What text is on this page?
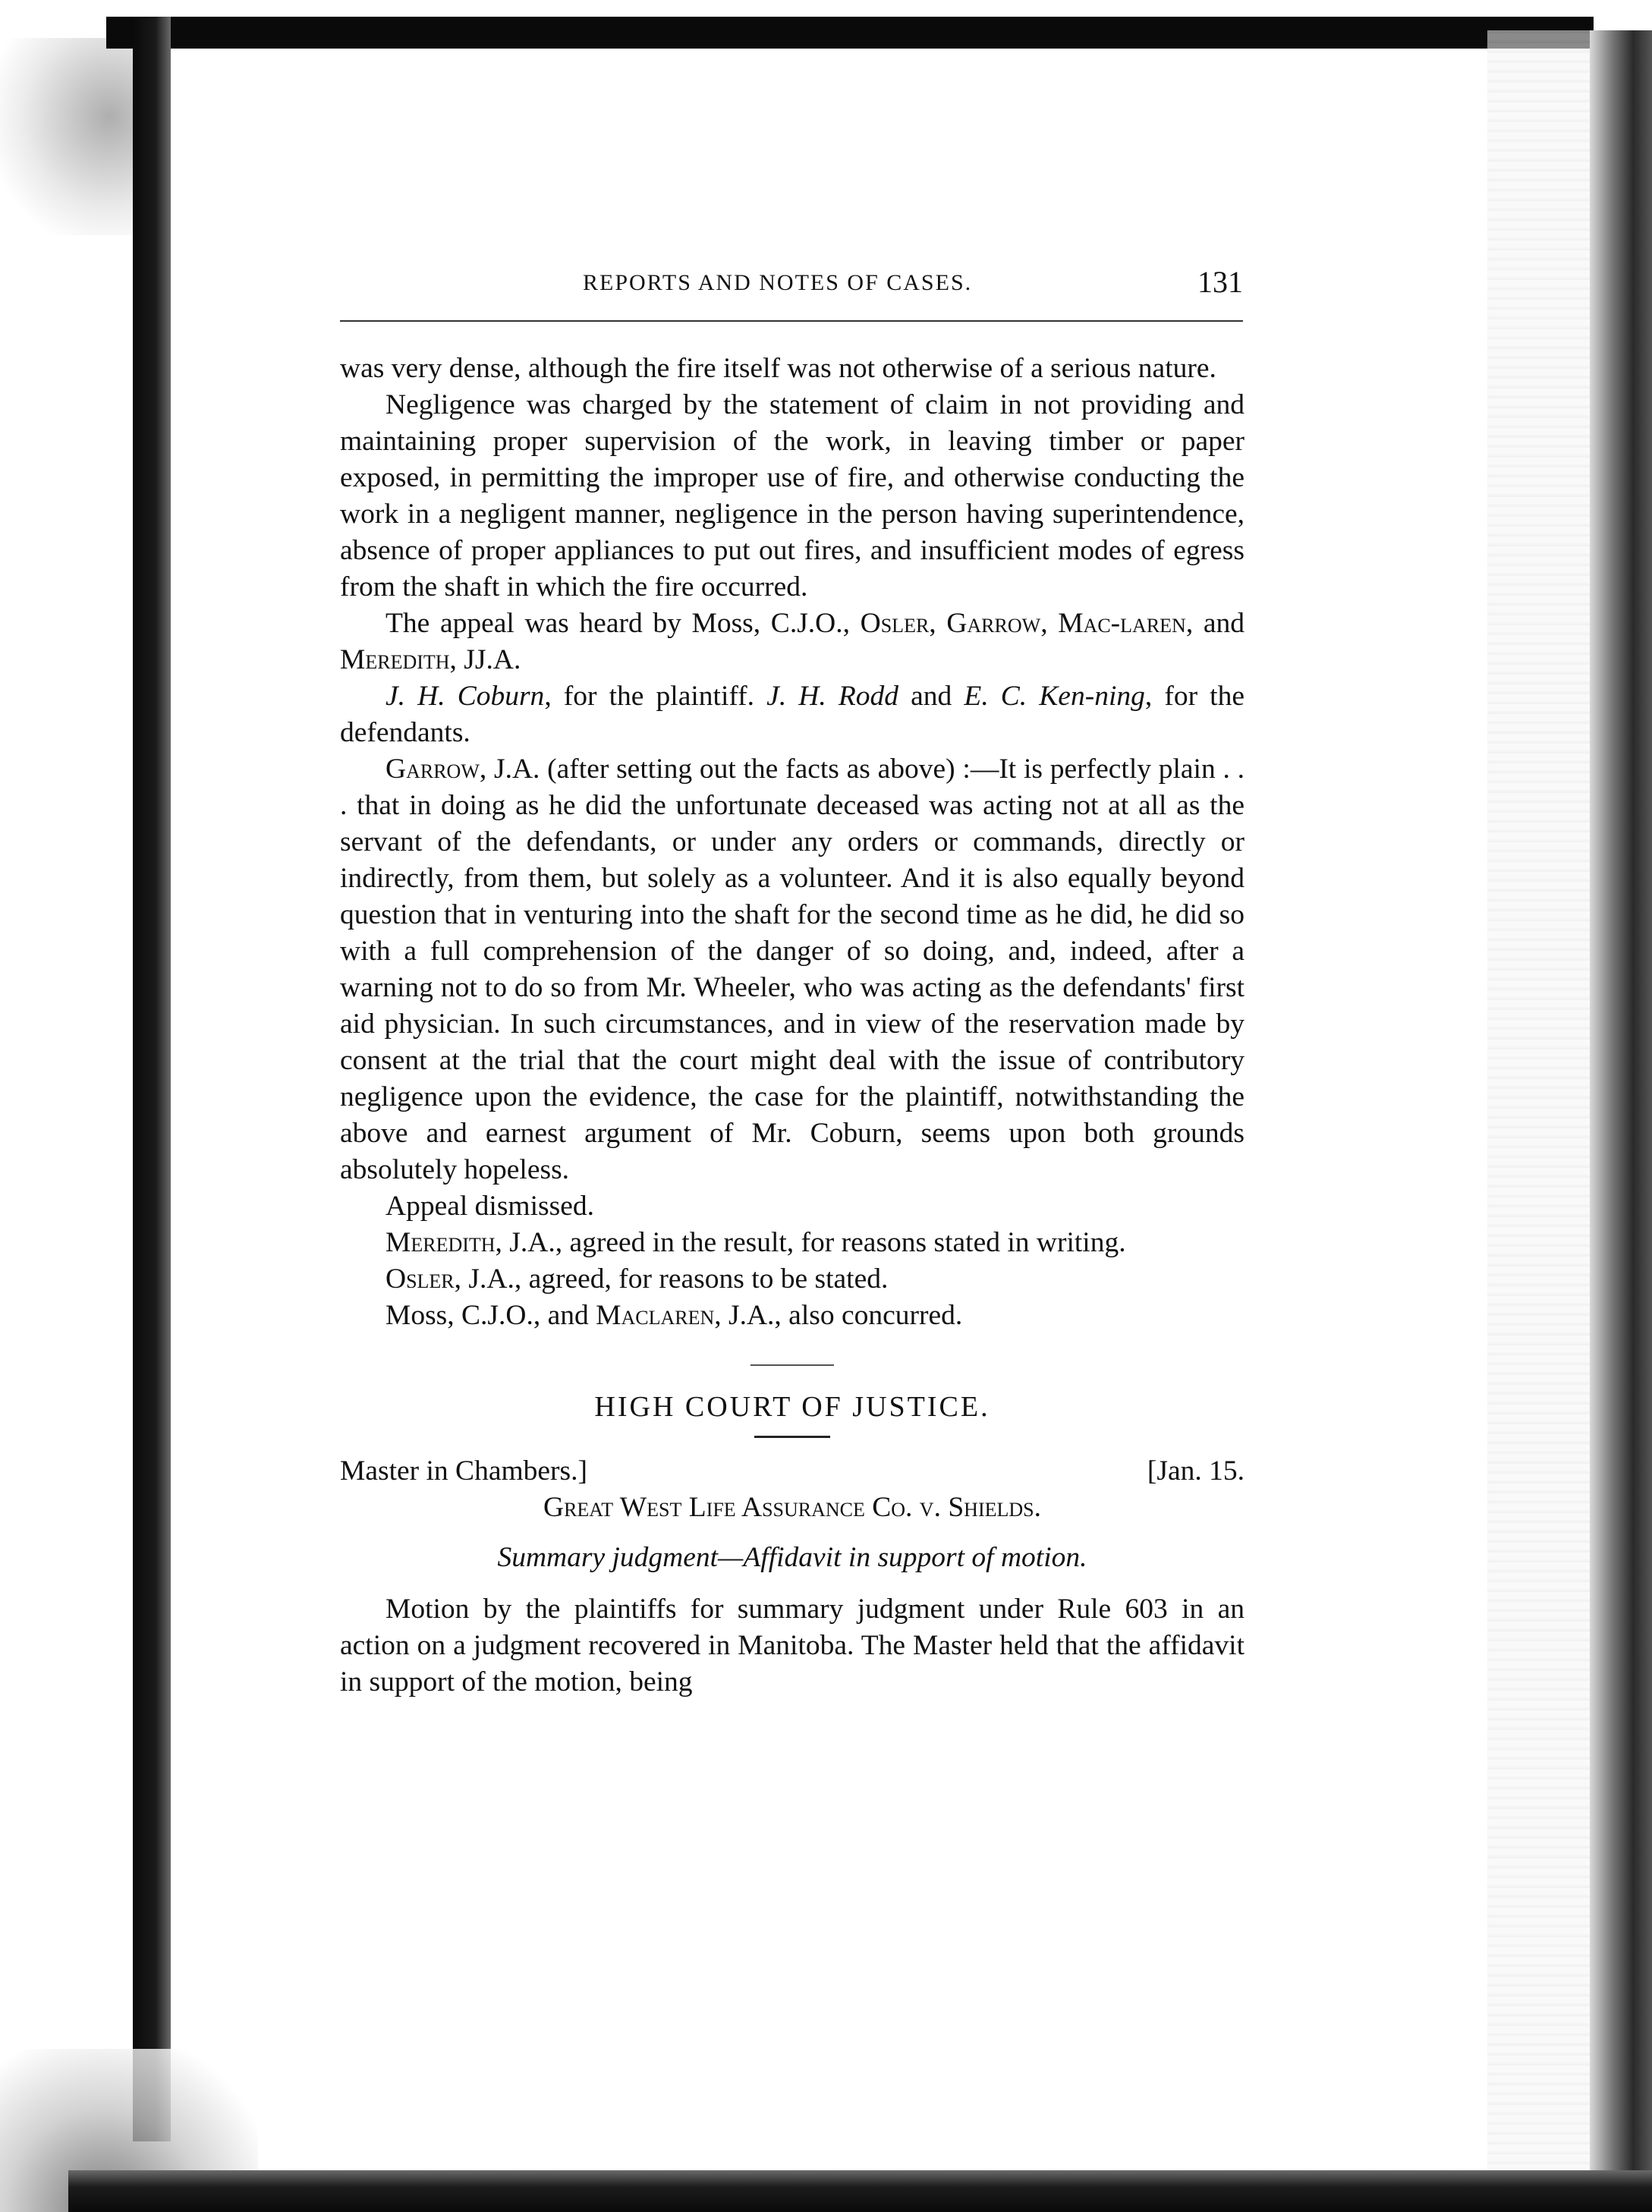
REPORTS AND NOTES OF CASES.	131

was very dense, although the fire itself was not otherwise of a serious nature.

Negligence was charged by the statement of claim in not providing and maintaining proper supervision of the work, in leaving timber or paper exposed, in permitting the improper use of fire, and otherwise conducting the work in a negligent manner, negligence in the person having superintendence, absence of proper appliances to put out fires, and insufficient modes of egress from the shaft in which the fire occurred.

The appeal was heard by Moss, C.J.O., Osler, Garrow, Mac-laren, and Meredith, JJ.A.

J. H. Coburn, for the plaintiff. J. H. Rodd and E. C. Ken-ning, for the defendants.

Garrow, J.A. (after setting out the facts as above) :—It is perfectly plain . . . that in doing as he did the unfortunate deceased was acting not at all as the servant of the defendants, or under any orders or commands, directly or indirectly, from them, but solely as a volunteer. And it is also equally beyond question that in venturing into the shaft for the second time as he did, he did so with a full comprehension of the danger of so doing, and, indeed, after a warning not to do so from Mr. Wheeler, who was acting as the defendants' first aid physician. In such circumstances, and in view of the reservation made by consent at the trial that the court might deal with the issue of contributory negligence upon the evidence, the case for the plaintiff, notwithstanding the above and earnest argument of Mr. Coburn, seems upon both grounds absolutely hopeless.

Appeal dismissed.

Meredith, J.A., agreed in the result, for reasons stated in writing.

Osler, J.A., agreed, for reasons to be stated.

Moss, C.J.O., and Maclaren, J.A., also concurred.

HIGH COURT OF JUSTICE.

Master in Chambers.]	[Jan. 15.

Great West Life Assurance Co. v. Shields.

Summary judgment—Affidavit in support of motion.

Motion by the plaintiffs for summary judgment under Rule 603 in an action on a judgment recovered in Manitoba. The Master held that the affidavit in support of the motion, being
